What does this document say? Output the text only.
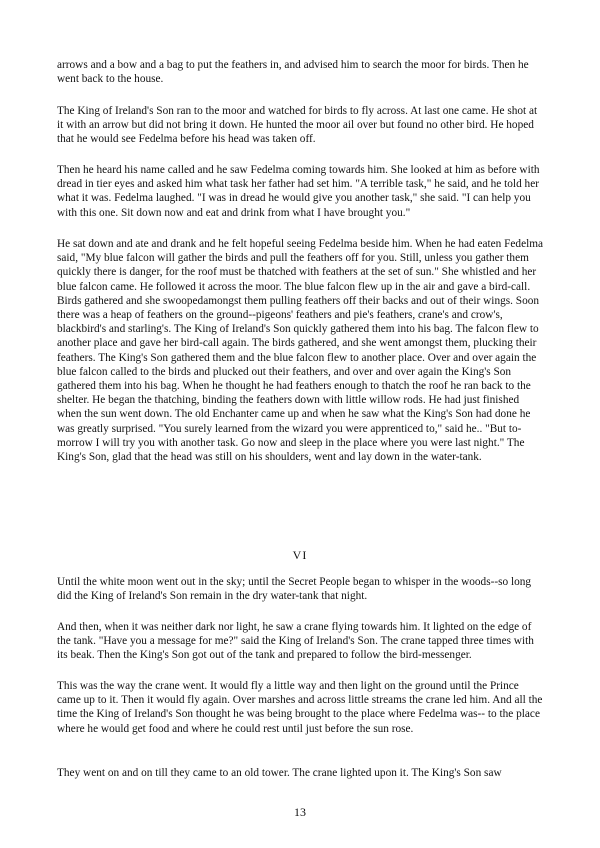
arrows and a bow and a bag to put the feathers in, and advised him to search the moor for birds. Then he went back to the house.

The King of Ireland's Son ran to the moor and watched for birds to fly across. At last one came. He shot at it with an arrow but did not bring it down. He hunted the moor ail over but found no other bird. He hoped that he would see Fedelma before his head was taken off.

Then he heard his name called and he saw Fedelma coming towards him. She looked at him as before with dread in tier eyes and asked him what task her father had set him. "A terrible task," he said, and he told her what it was. Fedelma laughed. "I was in dread he would give you another task," she said. "I can help you with this one. Sit down now and eat and drink from what I have brought you."

He sat down and ate and drank and he felt hopeful seeing Fedelma beside him. When he had eaten Fedelma said, "My blue falcon will gather the birds and pull the feathers off for you. Still, unless you gather them quickly there is danger, for the roof must be thatched with feathers at the set of sun." She whistled and her blue falcon came. He followed it across the moor. The blue falcon flew up in the air and gave a bird-call. Birds gathered and she swoopedamongst them pulling feathers off their backs and out of their wings. Soon there was a heap of feathers on the ground--pigeons' feathers and pie's feathers, crane's and crow's, blackbird's and starling's. The King of Ireland's Son quickly gathered them into his bag. The falcon flew to another place and gave her bird-call again. The birds gathered, and she went amongst them, plucking their feathers. The King's Son gathered them and the blue falcon flew to another place. Over and over again the blue falcon called to the birds and plucked out their feathers, and over and over again the King's Son gathered them into his bag. When he thought he had feathers enough to thatch the roof he ran back to the shelter. He began the thatching, binding the feathers down with little willow rods. He had just finished when the sun went down. The old Enchanter came up and when he saw what the King's Son had done he was greatly surprised. "You surely learned from the wizard you were apprenticed to," said he.. "But to-morrow I will try you with another task. Go now and sleep in the place where you were last night." The King's Son, glad that the head was still on his shoulders, went and lay down in the water-tank.

VI

Until the white moon went out in the sky; until the Secret People began to whisper in the woods--so long did the King of Ireland's Son remain in the dry water-tank that night.

And then, when it was neither dark nor light, he saw a crane flying towards him. It lighted on the edge of the tank. "Have you a message for me?" said the King of Ireland's Son. The crane tapped three times with its beak. Then the King's Son got out of the tank and prepared to follow the bird-messenger.

This was the way the crane went. It would fly a little way and then light on the ground until the Prince came up to it. Then it would fly again. Over marshes and across little streams the crane led him. And all the time the King of Ireland's Son thought he was being brought to the place where Fedelma was-- to the place where he would get food and where he could rest until just before the sun rose.

They went on and on till they came to an old tower. The crane lighted upon it. The King's Son saw

13
